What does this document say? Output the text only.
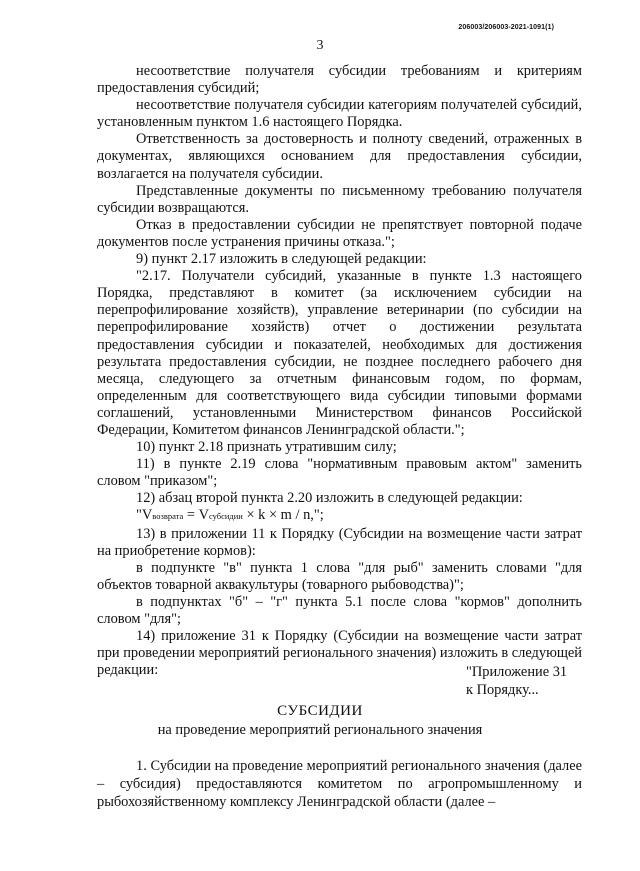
206003/206003-2021-1091(1)
3

несоответствие получателя субсидии требованиям и критериям предоставления субсидий;

несоответствие получателя субсидии категориям получателей субсидий, установленным пунктом 1.6 настоящего Порядка.

Ответственность за достоверность и полноту сведений, отраженных в документах, являющихся основанием для предоставления субсидии, возлагается на получателя субсидии.

Представленные документы по письменному требованию получателя субсидии возвращаются.

Отказ в предоставлении субсидии не препятствует повторной подаче документов после устранения причины отказа.";

9) пункт 2.17 изложить в следующей редакции:

"2.17. Получатели субсидий, указанные в пункте 1.3 настоящего Порядка, представляют в комитет (за исключением субсидии на перепрофилирование хозяйств), управление ветеринарии (по субсидии на перепрофилирование хозяйств) отчет о достижении результата предоставления субсидии и показателей, необходимых для достижения результата предоставления субсидии, не позднее последнего рабочего дня месяца, следующего за отчетным финансовым годом, по формам, определенным для соответствующего вида субсидии типовыми формами соглашений, установленными Министерством финансов Российской Федерации, Комитетом финансов Ленинградской области.";

10) пункт 2.18 признать утратившим силу;

11) в пункте 2.19 слова "нормативным правовым актом" заменить словом "приказом";

12) абзац второй пункта 2.20 изложить в следующей редакции:

"Vвозврата = Vсубсидии × k × m / n,";

13) в приложении 11 к Порядку (Субсидии на возмещение части затрат на приобретение кормов):

в подпункте "в" пункта 1 слова "для рыб" заменить словами "для объектов товарной аквакультуры (товарного рыбоводства)";

в подпунктах "б" – "г" пункта 5.1 после слова "кормов" дополнить словом "для";

14) приложение 31 к Порядку (Субсидии на возмещение части затрат при проведении мероприятий регионального значения) изложить в следующей редакции:	"Приложение 31
к Порядку...
СУБСИДИИ
на проведение мероприятий регионального значения

1. Субсидии на проведение мероприятий регионального значения (далее – субсидия) предоставляются комитетом по агропромышленному и рыбохозяйственному комплексу Ленинградской области (далее –
